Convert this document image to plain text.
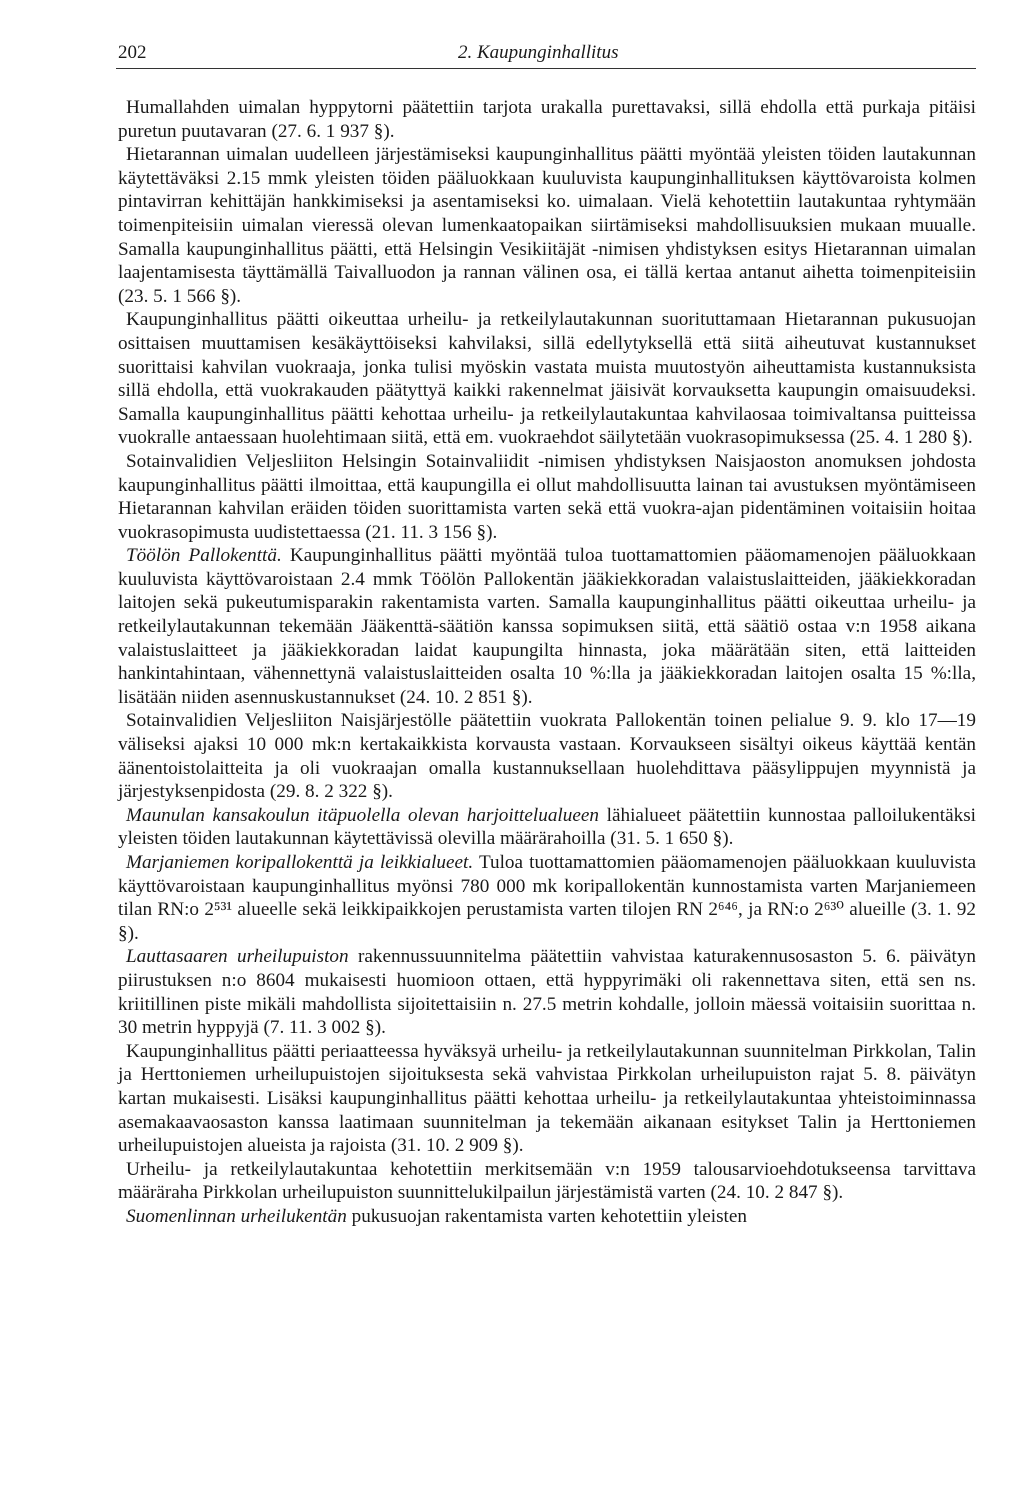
202	2. Kaupunginhallitus

Humallahden uimalan hyppytorni päätettiin tarjota urakalla purettavaksi, sillä ehdolla että purkaja pitäisi puretun puutavaran (27. 6. 1 937 §).

Hietarannan uimalan uudelleen järjestämiseksi kaupunginhallitus päätti myöntää yleisten töiden lautakunnan käytettäväksi 2.15 mmk yleisten töiden pääluokkaan kuuluvista kaupunginhallituksen käyttövaroista kolmen pintavirran kehittäjän hankkimiseksi ja asentamiseksi ko. uimalaan. Vielä kehotettiin lautakuntaa ryhtymään toimenpiteisiin uimalan vieressä olevan lumenkaatopaikan siirtämiseksi mahdollisuuksien mukaan muualle. Samalla kaupunginhallitus päätti, että Helsingin Vesikiitäjät -nimisen yhdistyksen esitys Hietarannan uimalan laajentamisesta täyttämällä Taivalluodon ja rannan välinen osa, ei tällä kertaa antanut aihetta toimenpiteisiin (23. 5. 1 566 §).

Kaupunginhallitus päätti oikeuttaa urheilu- ja retkeilylautakunnan suorituttamaan Hietarannan pukusuojan osittaisen muuttamisen kesäkäyttöiseksi kahvilaksi, sillä edellytyksellä että siitä aiheutuvat kustannukset suorittaisi kahvilan vuokraaja, jonka tulisi myöskin vastata muista muutostyön aiheuttamista kustannuksista sillä ehdolla, että vuokrakauden päätyttyä kaikki rakennelmat jäisivät korvauksetta kaupungin omaisuudeksi. Samalla kaupunginhallitus päätti kehottaa urheilu- ja retkeilylautakuntaa kahvilaosaa toimivaltansa puitteissa vuokralle antaessaan huolehtimaan siitä, että em. vuokraehdot säilytetään vuokrasopimuksessa (25. 4. 1 280 §).

Sotainvalidien Veljesliiton Helsingin Sotainvaliidit -nimisen yhdistyksen Naisjaoston anomuksen johdosta kaupunginhallitus päätti ilmoittaa, että kaupungilla ei ollut mahdollisuutta lainan tai avustuksen myöntämiseen Hietarannan kahvilan eräiden töiden suorittamista varten sekä että vuokra-ajan pidentäminen voitaisiin hoitaa vuokrasopimusta uudistettaessa (21. 11. 3 156 §).

Töölön Pallokenttä. Kaupunginhallitus päätti myöntää tuloa tuottamattomien pääomamenojen pääluokkaan kuuluvista käyttövaroistaan 2.4 mmk Töölön Pallokentän jääkiekkoradan valaistuslaitteiden, jääkiekkoradan laitojen sekä pukeutumisparakin rakentamista varten. Samalla kaupunginhallitus päätti oikeuttaa urheilu- ja retkeilylautakunnan tekemään Jääkenttä-säätiön kanssa sopimuksen siitä, että säätiö ostaa v:n 1958 aikana valaistuslaitteet ja jääkiekkoradan laidat kaupungilta hinnasta, joka määrätään siten, että laitteiden hankintahintaan, vähennettynä valaistuslaitteiden osalta 10 %:lla ja jääkiekkoradan laitojen osalta 15 %:lla, lisätään niiden asennuskustannukset (24. 10. 2 851 §).

Sotainvalidien Veljesliiton Naisjärjestölle päätettiin vuokrata Pallokentän toinen pelialue 9. 9. klo 17—19 väliseksi ajaksi 10 000 mk:n kertakaikkista korvausta vastaan. Korvaukseen sisältyi oikeus käyttää kentän äänentoistolaitteita ja oli vuokraajan omalla kustannuksellaan huolehdittava pääsylippujen myynnistä ja järjestyksenpidosta (29. 8. 2 322 §).

Maunulan kansakoulun itäpuolella olevan harjoittelualueen lähialueet päätettiin kunnostaa palloilukentäksi yleisten töiden lautakunnan käytettävissä olevilla määrärahoilla (31. 5. 1 650 §).

Marjaniemen koripallokenttä ja leikkialueet. Tuloa tuottamattomien pääomamenojen pääluokkaan kuuluvista käyttövaroistaan kaupunginhallitus myönsi 780 000 mk koripallokentän kunnostamista varten Marjaniemeen tilan RN:o 2⁵³¹ alueelle sekä leikkipaikkojen perustamista varten tilojen RN 2⁶⁴⁶, ja RN:o 2⁶³⁰ alueille (3. 1. 92 §).

Lauttasaaren urheilupuiston rakennussuunnitelma päätettiin vahvistaa katurakennusosaston 5. 6. päivätyn piirustuksen n:o 8604 mukaisesti huomioon ottaen, että hyppyrimäki oli rakennettava siten, että sen ns. kriitillinen piste mikäli mahdollista sijoitettaisiin n. 27.5 metrin kohdalle, jolloin mäessä voitaisiin suorittaa n. 30 metrin hyppyjä (7. 11. 3 002 §).

Kaupunginhallitus päätti periaatteessa hyväksyä urheilu- ja retkeilylautakunnan suunnitelman Pirkkolan, Talin ja Herttoniemen urheilupuistojen sijoituksesta sekä vahvistaa Pirkkolan urheilupuiston rajat 5. 8. päivätyn kartan mukaisesti. Lisäksi kaupunginhallitus päätti kehottaa urheilu- ja retkeilylautakuntaa yhteistoiminnassa asemakaavaosaston kanssa laatimaan suunnitelman ja tekemään aikanaan esitykset Talin ja Herttoniemen urheilupuistojen alueista ja rajoista (31. 10. 2 909 §).

Urheilu- ja retkeilylautakuntaa kehotettiin merkitsemään v:n 1959 talousarvioehdotukseensa tarvittava määräraha Pirkkolan urheilupuiston suunnittelukilpailun järjestämistä varten (24. 10. 2 847 §).

Suomenlinnan urheilukentän pukusuojan rakentamista varten kehotettiin yleisten
